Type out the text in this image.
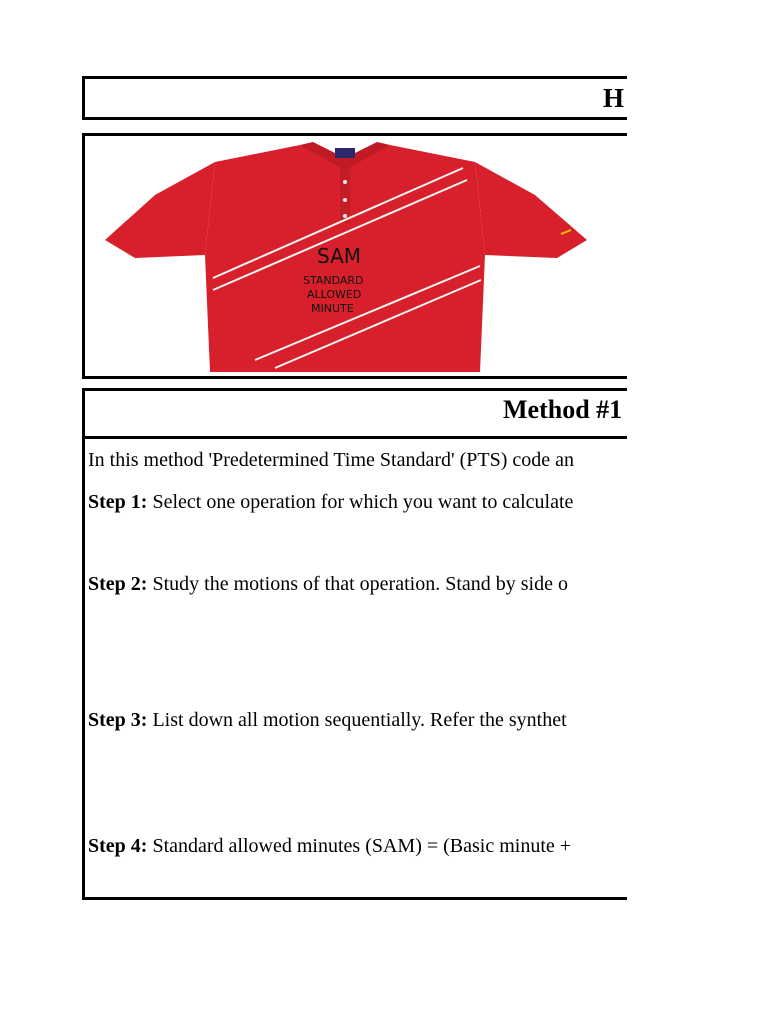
H
SAM
STANDARD
ALLOWED
MINUTE
Method #1
In this method 'Predetermined Time Standard' (PTS) code an
Step 1: Select one operation for which you want to calculate
Step 2: Study the motions of that operation. Stand by side o
Step 3: List down all motion sequentially. Refer the synthet
Step 4: Standard allowed minutes (SAM) = (Basic minute +
